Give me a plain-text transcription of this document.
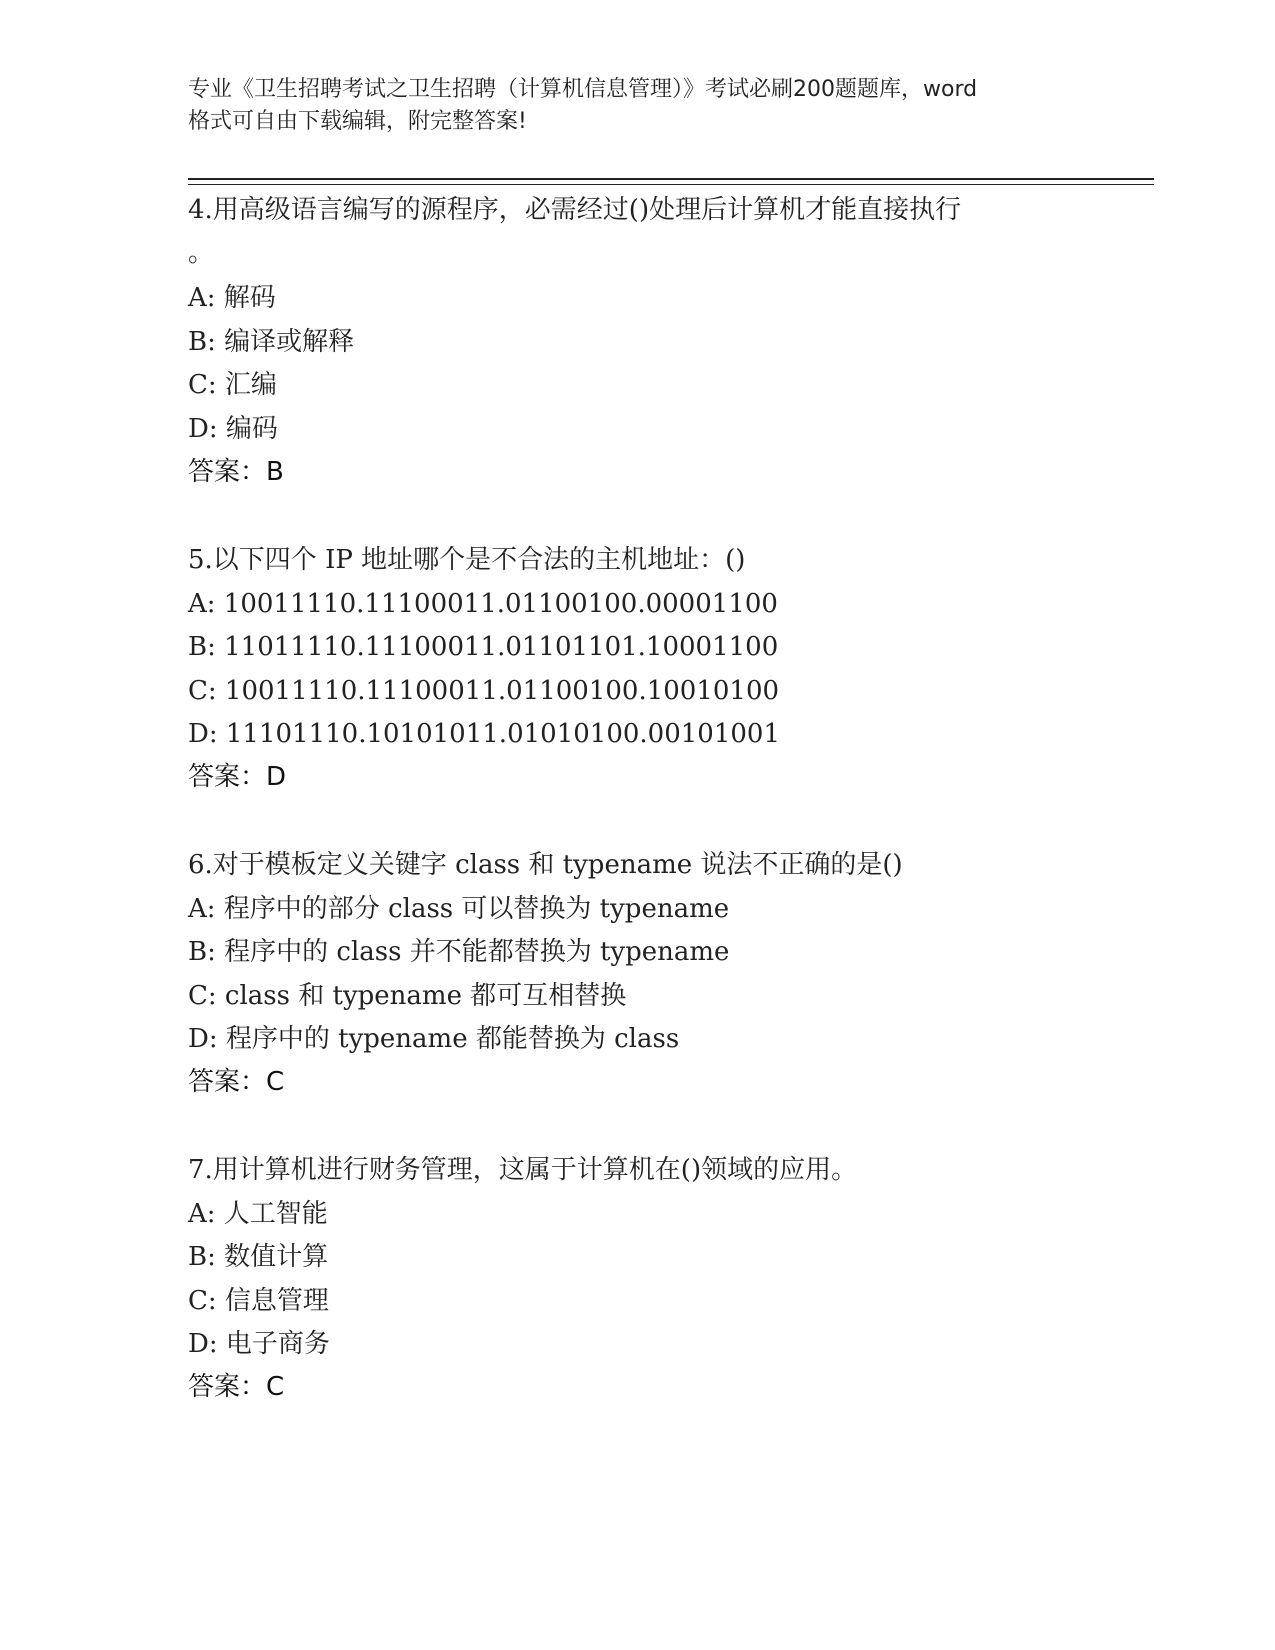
专业《卫生招聘考试之卫生招聘（计算机信息管理）》考试必刷200题题库，word
格式可自由下载编辑，附完整答案!
4.用高级语言编写的源程序，必需经过()处理后计算机才能直接执行
。
A: 解码
B: 编译或解释
C: 汇编
D: 编码
答案：B
5.以下四个 IP 地址哪个是不合法的主机地址：()
A: 10011110.11100011.01100100.00001100
B: 11011110.11100011.01101101.10001100
C: 10011110.11100011.01100100.10010100
D: 11101110.10101011.01010100.00101001
答案：D
6.对于模板定义关键字 class 和 typename 说法不正确的是()
A: 程序中的部分 class 可以替换为 typename
B: 程序中的 class 并不能都替换为 typename
C: class 和 typename 都可互相替换
D: 程序中的 typename 都能替换为 class
答案：C
7.用计算机进行财务管理，这属于计算机在()领域的应用。
A: 人工智能
B: 数值计算
C: 信息管理
D: 电子商务
答案：C
